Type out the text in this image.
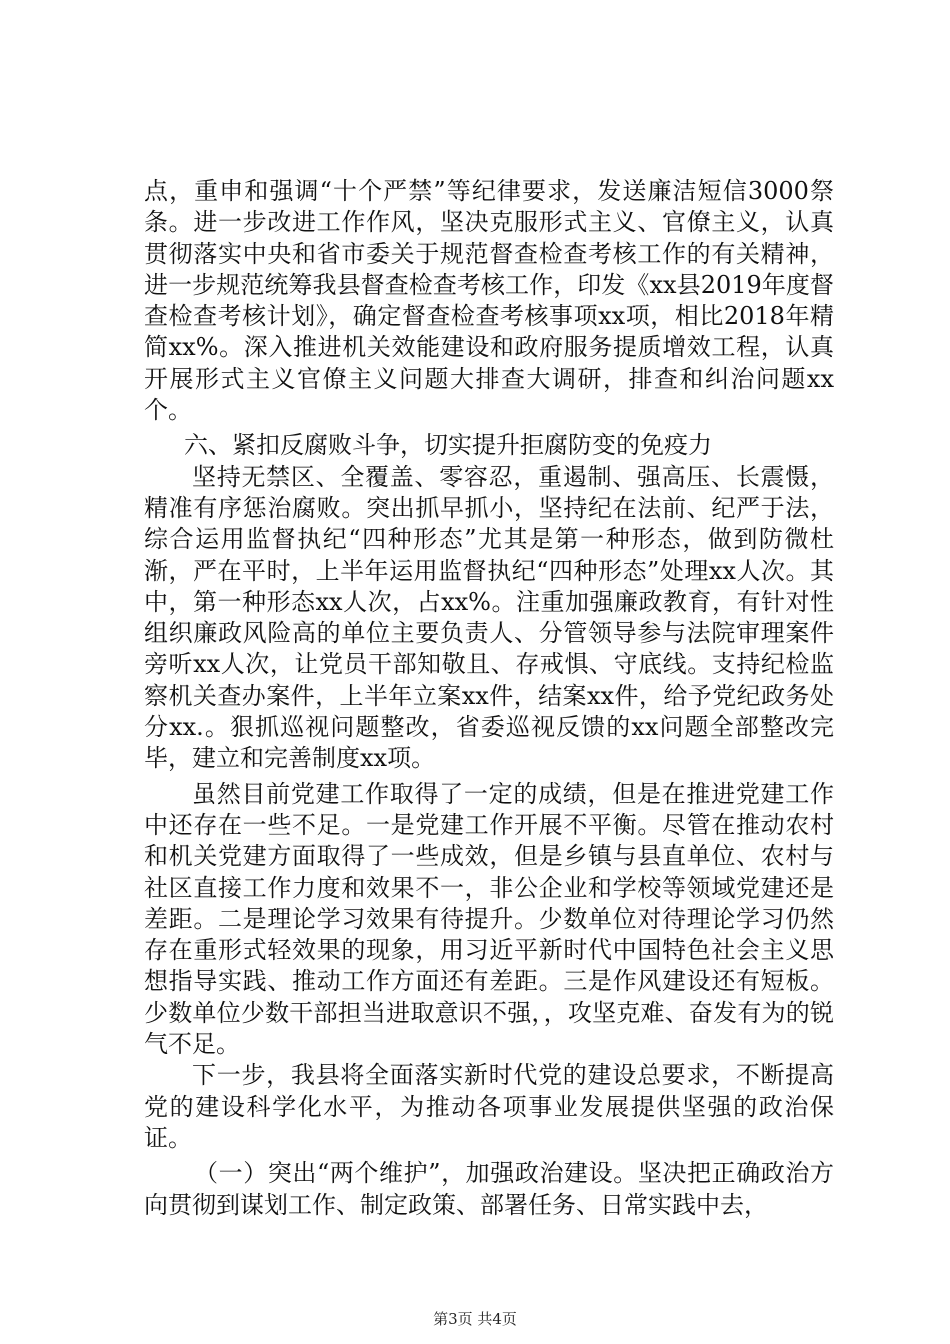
点，重申和强调“十个严禁”等纪律要求，发送廉洁短信3000祭条。进一步改进工作作风，坚决克服形式主义、官僚主义，认真贯彻落实中央和省市委关于规范督查检查考核工作的有关精神，进一步规范统筹我县督查检查考核工作，印发《xx县2019年度督查检查考核计划》，确定督查检查考核事项xx项，相比2018年精简xx%。深入推进机关效能建设和政府服务提质增效工程，认真开展形式主义官僚主义问题大排查大调研，排查和纠治问题xx个。

六、紧扣反腐败斗争，切实提升拒腐防变的免疫力

坚持无禁区、全覆盖、零容忍，重遏制、强高压、长震慑，精准有序惩治腐败。突出抓早抓小，坚持纪在法前、纪严于法，综合运用监督执纪“四种形态”尤其是第一种形态，做到防微杜渐，严在平时，上半年运用监督执纪“四种形态”处理xx人次。其中，第一种形态xx人次，占xx%。注重加强廉政教育，有针对性组织廉政风险高的单位主要负责人、分管领导参与法院审理案件旁听xx人次，让党员干部知敬且、存戒惧、守底线。支持纪检监察机关查办案件，上半年立案xx件，结案xx件，给予党纪政务处分xx.。狠抓巡视问题整改，省委巡视反馈的xx问题全部整改完毕，建立和完善制度xx项。

虽然目前党建工作取得了一定的成绩，但是在推进党建工作中还存在一些不足。一是党建工作开展不平衡。尽管在推动农村和机关党建方面取得了一些成效，但是乡镇与县直单位、农村与社区直接工作力度和效果不一，非公企业和学校等领域党建还是差距。二是理论学习效果有待提升。少数单位对待理论学习仍然存在重形式轻效果的现象，用习近平新时代中国特色社会主义思想指导实践、推动工作方面还有差距。三是作风建设还有短板。少数单位少数干部担当进取意识不强，，攻坚克难、奋发有为的锐气不足。

下一步，我县将全面落实新时代党的建设总要求，不断提高党的建设科学化水平，为推动各项事业发展提供坚强的政治保证。

（一）突出“两个维护”，加强政治建设。坚决把正确政治方向贯彻到谋划工作、制定政策、部署任务、日常实践中去，

第3页 共4页
